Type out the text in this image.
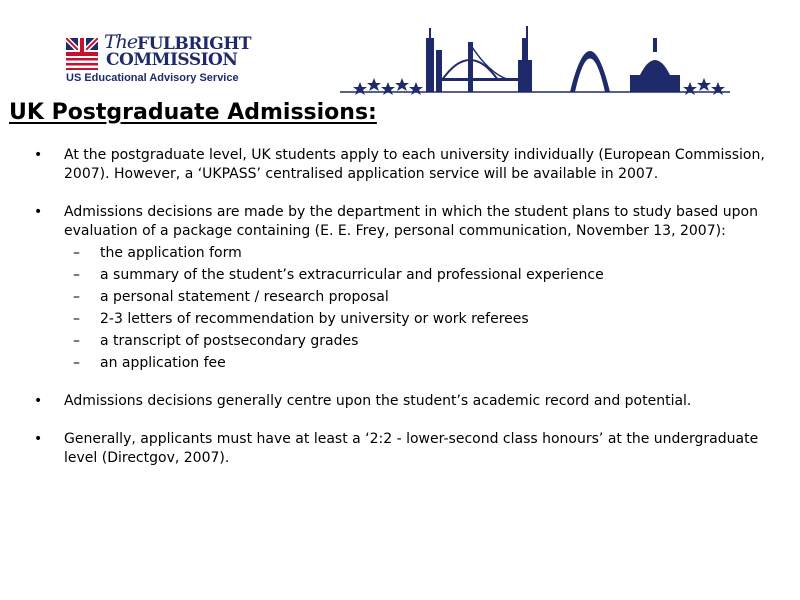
The FULBRIGHT
COMMISSION
US Educational Advisory Service
UK Postgraduate Admissions:
• At the postgraduate level, UK students apply to each university individually (European Commission, 2007). However, a ‘UKPASS’ centralised application service will be available in 2007.
• Admissions decisions are made by the department in which the student plans to study based upon evaluation of a package containing (E. E. Frey, personal communication, November 13, 2007):
– the application form
– a summary of the student’s extracurricular and professional experience
– a personal statement / research proposal
– 2-3 letters of recommendation by university or work referees
– a transcript of postsecondary grades
– an application fee
• Admissions decisions generally centre upon the student’s academic record and potential.
• Generally, applicants must have at least a ‘2:2 - lower-second class honours’ at the undergraduate level (Directgov, 2007).
